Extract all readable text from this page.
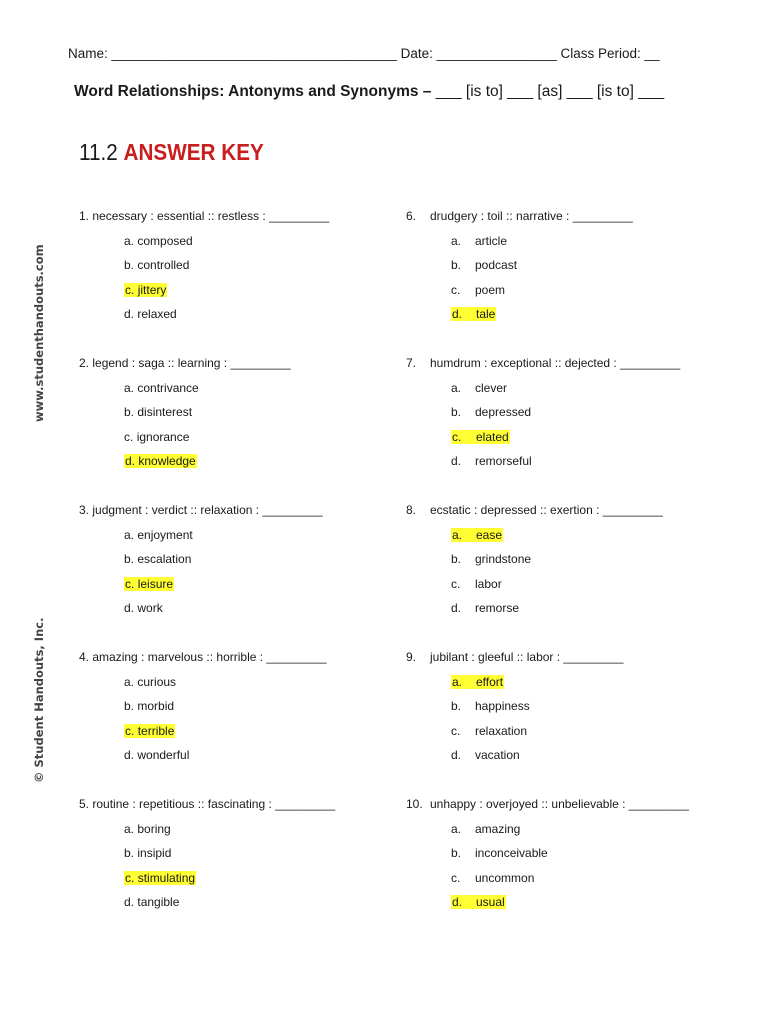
Name: ______________________________________ Date: ________________ Class Period: __
Word Relationships: Antonyms and Synonyms – ___ [is to] ___ [as] ___ [is to] ___
11.2 ANSWER KEY
www.studenthandouts.com
© Student Handouts, Inc.
1. necessary : essential :: restless : _________
a. composed
b. controlled
c. jittery
d. relaxed
2. legend : saga :: learning : _________
a. contrivance
b. disinterest
c. ignorance
d. knowledge
3. judgment : verdict :: relaxation : _________
a. enjoyment
b. escalation
c. leisure
d. work
4. amazing : marvelous :: horrible : _________
a. curious
b. morbid
c. terrible
d. wonderful
5. routine : repetitious :: fascinating : _________
a. boring
b. insipid
c. stimulating
d. tangible
6. drudgery : toil :: narrative : _________
a. article
b. podcast
c. poem
d. tale
7. humdrum : exceptional :: dejected : _________
a. clever
b. depressed
c. elated
d. remorseful
8. ecstatic : depressed :: exertion : _________
a. ease
b. grindstone
c. labor
d. remorse
9. jubilant : gleeful :: labor : _________
a. effort
b. happiness
c. relaxation
d. vacation
10. unhappy : overjoyed :: unbelievable : _________
a. amazing
b. inconceivable
c. uncommon
d. usual
